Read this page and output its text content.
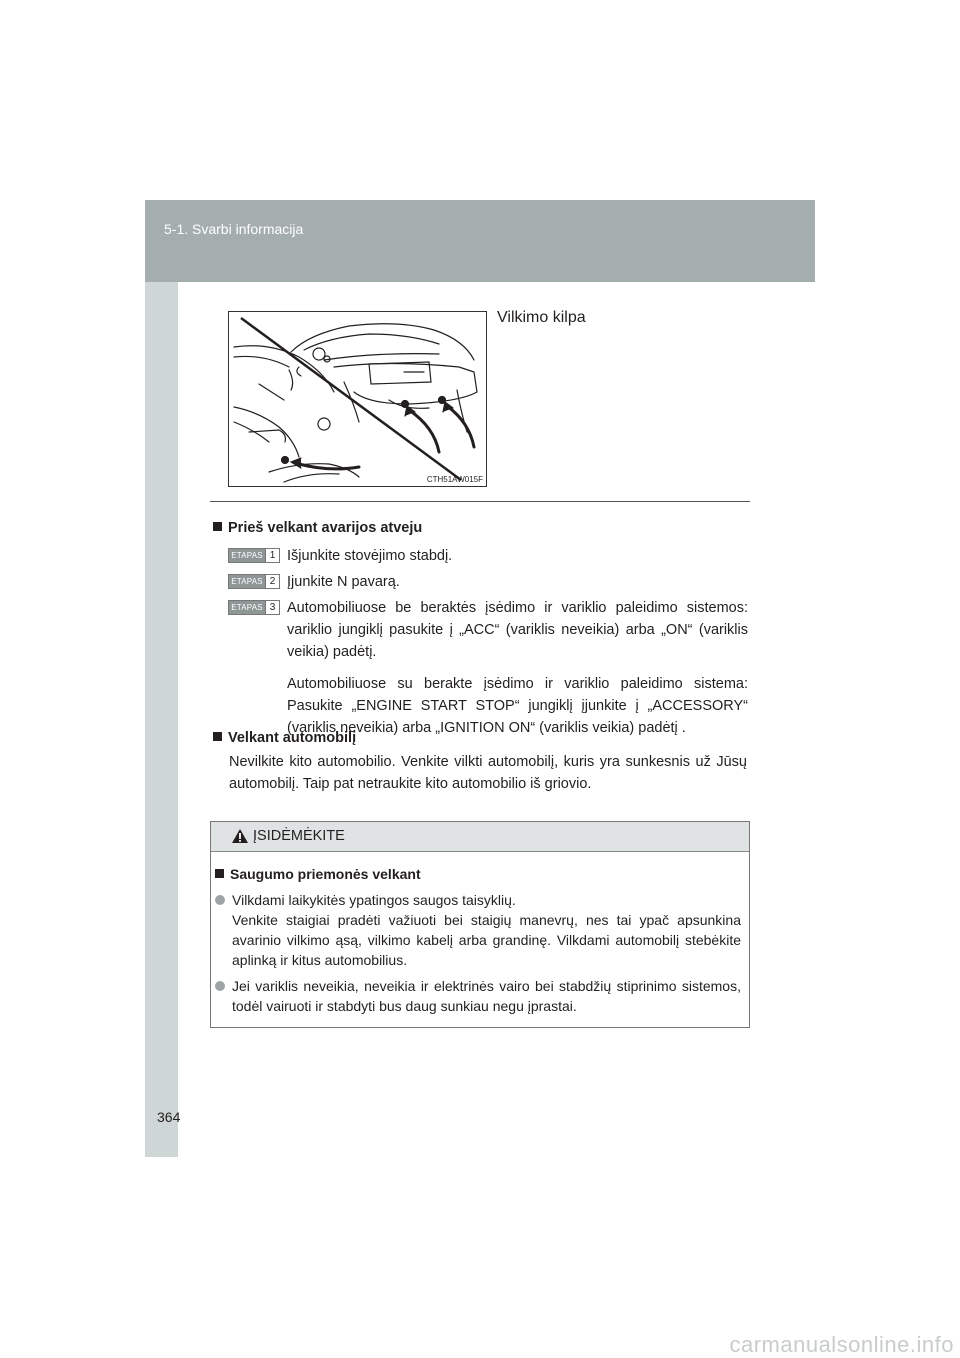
5-1. Svarbi informacija
CTH51AW015F
Vilkimo kilpa
Prieš velkant avarijos atveju
ETAPAS 1 Išjunkite stovėjimo stabdį.

ETAPAS 2 Įjunkite N pavarą.

ETAPAS 3 Automobiliuose be beraktės įsėdimo ir variklio paleidimo sistemos: variklio jungiklį pasukite į „ACC“ (variklis neveikia) arba „ON“ (variklis veikia) padėtį.

Automobiliuose su berakte įsėdimo ir variklio paleidimo sistema: Pasukite „ENGINE START STOP“ jungiklį įjunkite į „ACCESSORY“ (variklis neveikia) arba „IGNITION ON“ (variklis veikia) padėtį .

Velkant automobilį
Nevilkite kito automobilio. Venkite vilkti automobilį, kuris yra sunkesnis už Jūsų automobilį. Taip pat netraukite kito automobilio iš griovio.
ĮSIDĖMĖKITE
Saugumo priemonės velkant

Vilkdami laikykitės ypatingos saugos taisyklių.

Venkite staigiai pradėti važiuoti bei staigių manevrų, nes tai ypač apsunkina avarinio vilkimo ąsą, vilkimo kabelį arba grandinę. Vilkdami automobilį stebėkite aplinką ir kitus automobilius.

Jei variklis neveikia, neveikia ir elektrinės vairo bei stabdžių stiprinimo sistemos, todėl vairuoti ir stabdyti bus daug sunkiau negu įprastai.

364
carmanualsonline.info
